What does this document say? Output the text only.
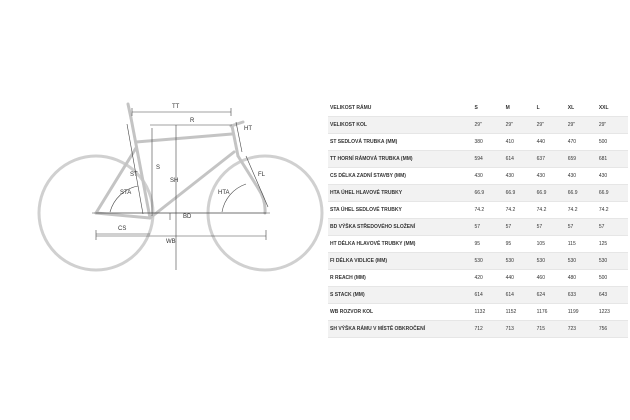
TT
R
HT
ST
S
SH
STA	HTA
FL
BD
CS
WB
VELIKOST RÁMU	S	M	L	XL	XXL
VELIKOST KOL	29"	29"	29"	29"	29"
ST SEDLOVÁ TRUBKA (MM)	380	410	440	470	500
TT HORNÍ RÁMOVÁ TRUBKA (MM)	594	614	637	659	681
CS DÉLKA ZADNÍ STAVBY (MM)	430	430	430	430	430
HTA ÚHEL HLAVOVÉ TRUBKY	66.9	66.9	66.9	66.9	66.9
STA ÚHEL SEDLOVÉ TRUBKY	74.2	74.2	74.2	74.2	74.2
BD VÝŠKA STŘEDOVÉHO SLOŽENÍ	57	57	57	57	57
HT DÉLKA HLAVOVÉ TRUBKY (MM)	95	95	105	115	125
FI DÉLKA VIDLICE (MM)	530	530	530	530	530
R REACH (MM)	420	440	460	480	500
S STACK (MM)	614	614	624	633	643
WB ROZVOR KOL	1132	1152	1176	1199	1223
SH VÝŠKA RÁMU V MÍSTĚ OBKROČENÍ	712	713	715	723	756
